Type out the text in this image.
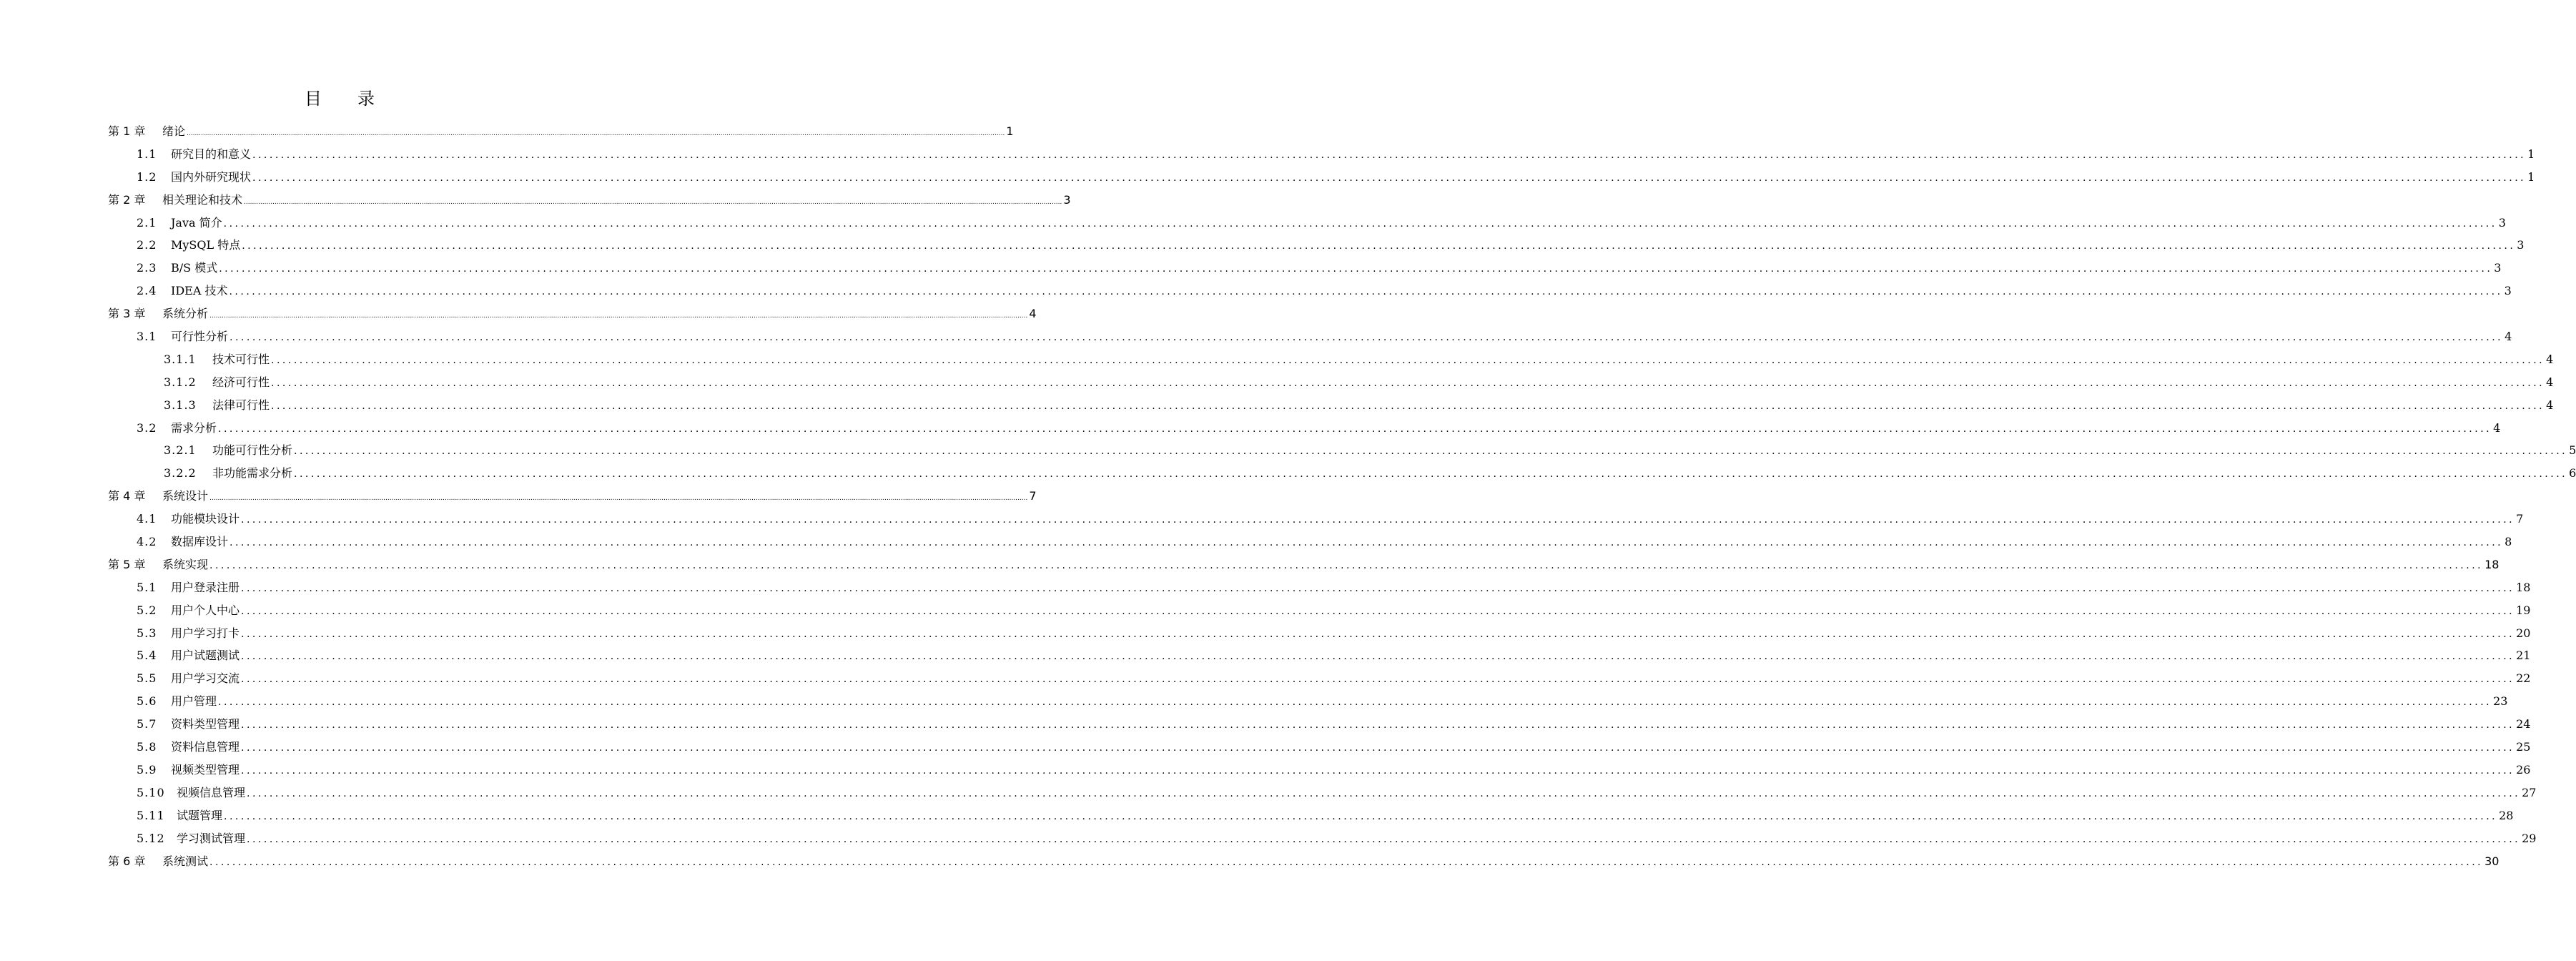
目 录
第 1 章	绪论 ................................................................................................................................................................................................................................................................................................................................................................................................................ 1
1.1	研究目的和意义 ................................................................................................................................................................................................................................................................................................................................................................................................................ 1
1.2	国内外研究现状 ................................................................................................................................................................................................................................................................................................................................................................................................................ 1
第 2 章	相关理论和技术 ................................................................................................................................................................................................................................................................................................................................................................................................................ 3
2.1	Java 简介 ................................................................................................................................................................................................................................................................................................................................................................................................................ 3
2.2	MySQL 特点 ................................................................................................................................................................................................................................................................................................................................................................................................................ 3
2.3	B/S 模式 ................................................................................................................................................................................................................................................................................................................................................................................................................ 3
2.4	IDEA 技术 ................................................................................................................................................................................................................................................................................................................................................................................................................ 3
第 3 章	系统分析 ................................................................................................................................................................................................................................................................................................................................................................................................................ 4
3.1	可行性分析 ................................................................................................................................................................................................................................................................................................................................................................................................................ 4
3.1.1	技术可行性 ................................................................................................................................................................................................................................................................................................................................................................................................................ 4
3.1.2	经济可行性 ................................................................................................................................................................................................................................................................................................................................................................................................................ 4
3.1.3	法律可行性 ................................................................................................................................................................................................................................................................................................................................................................................................................ 4
3.2	需求分析 ................................................................................................................................................................................................................................................................................................................................................................................................................ 4
3.2.1	功能可行性分析 ................................................................................................................................................................................................................................................................................................................................................................................................................ 5
3.2.2	非功能需求分析 ................................................................................................................................................................................................................................................................................................................................................................................................................ 6
第 4 章	系统设计 ................................................................................................................................................................................................................................................................................................................................................................................................................ 7
4.1	功能模块设计 ................................................................................................................................................................................................................................................................................................................................................................................................................ 7
4.2	数据库设计 ................................................................................................................................................................................................................................................................................................................................................................................................................ 8
第 5 章	系统实现 ................................................................................................................................................................................................................................................................................................................................................................................................................ 18
5.1	用户登录注册 ................................................................................................................................................................................................................................................................................................................................................................................................................ 18
5.2	用户个人中心 ................................................................................................................................................................................................................................................................................................................................................................................................................ 19
5.3	用户学习打卡 ................................................................................................................................................................................................................................................................................................................................................................................................................ 20
5.4	用户试题测试 ................................................................................................................................................................................................................................................................................................................................................................................................................ 21
5.5	用户学习交流 ................................................................................................................................................................................................................................................................................................................................................................................................................ 22
5.6	用户管理 ................................................................................................................................................................................................................................................................................................................................................................................................................ 23
5.7	资料类型管理 ................................................................................................................................................................................................................................................................................................................................................................................................................ 24
5.8	资料信息管理 ................................................................................................................................................................................................................................................................................................................................................................................................................ 25
5.9	视频类型管理 ................................................................................................................................................................................................................................................................................................................................................................................................................ 26
5.10	视频信息管理 ................................................................................................................................................................................................................................................................................................................................................................................................................ 27
5.11	试题管理 ................................................................................................................................................................................................................................................................................................................................................................................................................ 28
5.12	学习测试管理 ................................................................................................................................................................................................................................................................................................................................................................................................................ 29
第 6 章	系统测试 ................................................................................................................................................................................................................................................................................................................................................................................................................ 30
